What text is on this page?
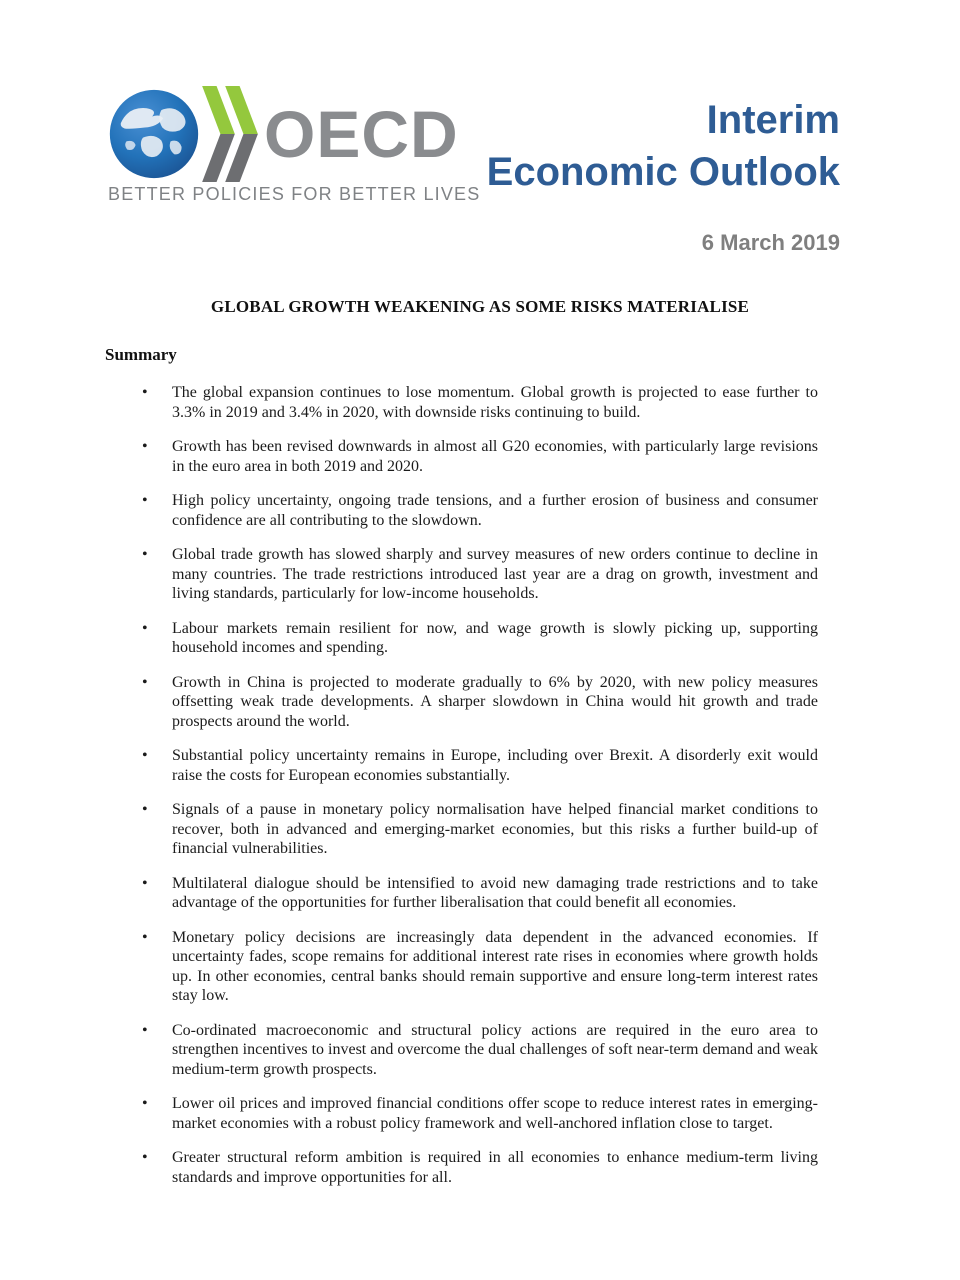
OECD
BETTER POLICIES FOR BETTER LIVES
Interim
Economic Outlook
6 March 2019
GLOBAL GROWTH WEAKENING AS SOME RISKS MATERIALISE
Summary
• The global expansion continues to lose momentum. Global growth is projected to ease further to 3.3% in 2019 and 3.4% in 2020, with downside risks continuing to build.
• Growth has been revised downwards in almost all G20 economies, with particularly large revisions in the euro area in both 2019 and 2020.
• High policy uncertainty, ongoing trade tensions, and a further erosion of business and consumer confidence are all contributing to the slowdown.
• Global trade growth has slowed sharply and survey measures of new orders continue to decline in many countries. The trade restrictions introduced last year are a drag on growth, investment and living standards, particularly for low-income households.
• Labour markets remain resilient for now, and wage growth is slowly picking up, supporting household incomes and spending.
• Growth in China is projected to moderate gradually to 6% by 2020, with new policy measures offsetting weak trade developments. A sharper slowdown in China would hit growth and trade prospects around the world.
• Substantial policy uncertainty remains in Europe, including over Brexit. A disorderly exit would raise the costs for European economies substantially.
• Signals of a pause in monetary policy normalisation have helped financial market conditions to recover, both in advanced and emerging-market economies, but this risks a further build-up of financial vulnerabilities.
• Multilateral dialogue should be intensified to avoid new damaging trade restrictions and to take advantage of the opportunities for further liberalisation that could benefit all economies.
• Monetary policy decisions are increasingly data dependent in the advanced economies. If uncertainty fades, scope remains for additional interest rate rises in economies where growth holds up. In other economies, central banks should remain supportive and ensure long-term interest rates stay low.
• Co-ordinated macroeconomic and structural policy actions are required in the euro area to strengthen incentives to invest and overcome the dual challenges of soft near-term demand and weak medium-term growth prospects.
• Lower oil prices and improved financial conditions offer scope to reduce interest rates in emerging-market economies with a robust policy framework and well-anchored inflation close to target.
• Greater structural reform ambition is required in all economies to enhance medium-term living standards and improve opportunities for all.
